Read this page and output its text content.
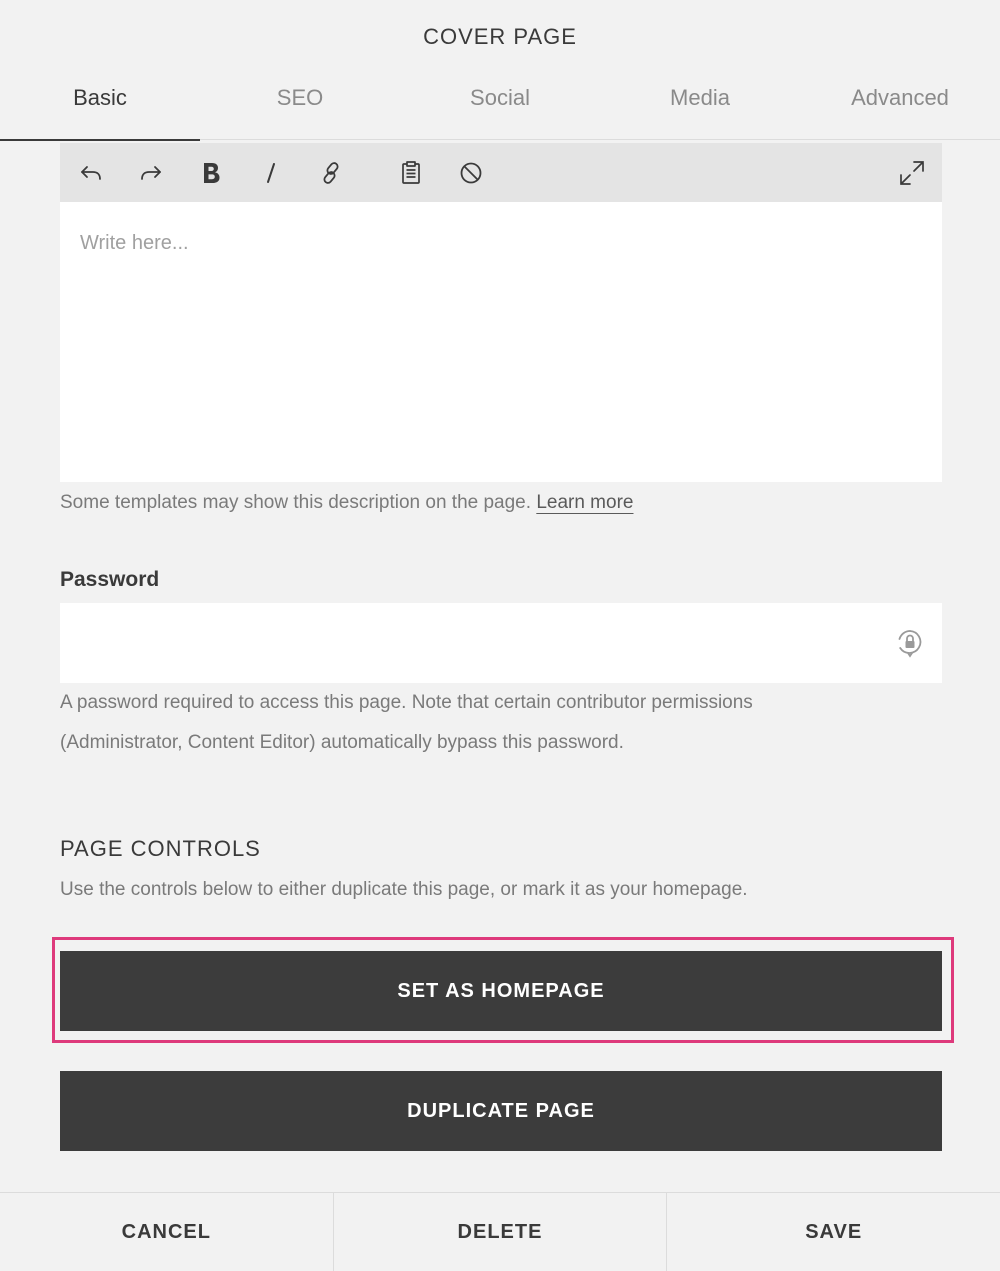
COVER PAGE
Basic	SEO	Social	Media	Advanced
Write here...
Some templates may show this description on the page. Learn more
Password
A password required to access this page. Note that certain contributor permissions
(Administrator, Content Editor) automatically bypass this password.
PAGE CONTROLS
Use the controls below to either duplicate this page, or mark it as your homepage.
SET AS HOMEPAGE
DUPLICATE PAGE
CANCEL	DELETE	SAVE
